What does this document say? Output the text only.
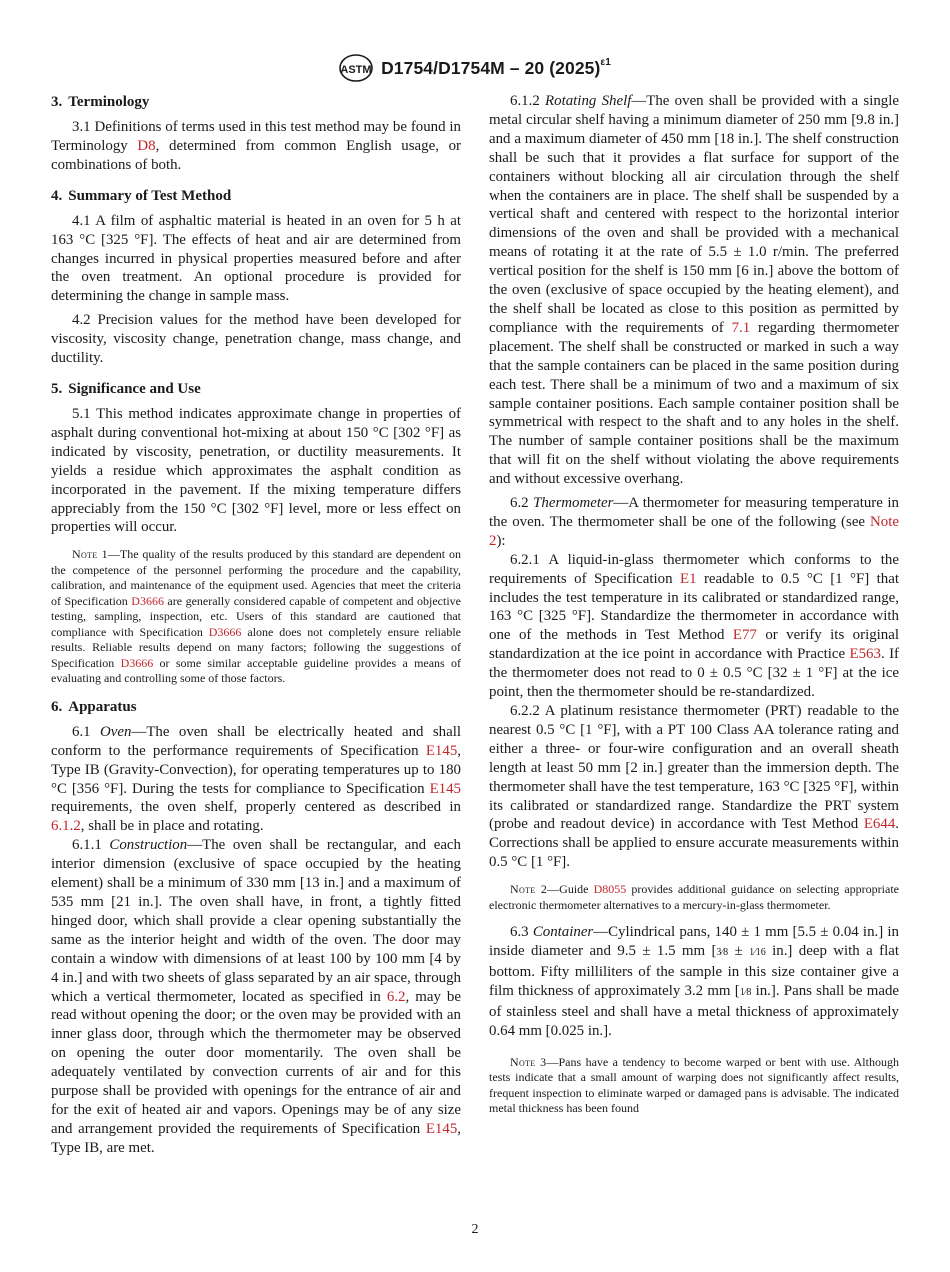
ASTM D1754/D1754M – 20 $(2025)^{\varepsilon 1}$
3. Terminology

3.1 Definitions of terms used in this test method may be found in Terminology D8, determined from common English usage, or combinations of both.

4. Summary of Test Method

4.1 A film of asphaltic material is heated in an oven for 5 h at 163 °C [325 °F]. The effects of heat and air are determined from changes incurred in physical properties measured before and after the oven treatment. An optional procedure is provided for determining the change in sample mass.

4.2 Precision values for the method have been developed for viscosity, viscosity change, penetration change, mass change, and ductility.

5. Significance and Use

5.1 This method indicates approximate change in properties of asphalt during conventional hot-mixing at about 150 °C [302 °F] as indicated by viscosity, penetration, or ductility measurements. It yields a residue which approximates the asphalt condition as incorporated in the pavement. If the mixing temperature differs appreciably from the 150 °C [302 °F] level, more or less effect on properties will occur.

Note 1—The quality of the results produced by this standard are dependent on the competence of the personnel performing the procedure and the capability, calibration, and maintenance of the equipment used. Agencies that meet the criteria of Specification D3666 are generally considered capable of competent and objective testing, sampling, inspection, etc. Users of this standard are cautioned that compliance with Specification D3666 alone does not completely ensure reliable results. Reliable results depend on many factors; following the suggestions of Specification D3666 or some similar acceptable guideline provides a means of evaluating and controlling some of those factors.
6. Apparatus

6.1 Oven—The oven shall be electrically heated and shall conform to the performance requirements of Specification E145, Type IB (Gravity-Convection), for operating temperatures up to 180 °C [356 °F]. During the tests for compliance to Specification E145 requirements, the oven shelf, properly centered as described in 6.1.2, shall be in place and rotating.

6.1.1 Construction—The oven shall be rectangular, and each interior dimension (exclusive of space occupied by the heating element) shall be a minimum of 330 mm [13 in.] and a maximum of 535 mm [21 in.]. The oven shall have, in front, a tightly fitted hinged door, which shall provide a clear opening substantially the same as the interior height and width of the oven. The door may contain a window with dimensions of at least 100 by 100 mm [4 by 4 in.] and with two sheets of glass separated by an air space, through which a vertical thermometer, located as specified in 6.2, may be read without opening the door; or the oven may be provided with an inner glass door, through which the thermometer may be observed on opening the outer door momentarily. The oven shall be adequately ventilated by convection currents of air and for this purpose shall be provided with openings for the entrance of air and for the exit of heated air and vapors. Openings may be of any size and arrangement provided the requirements of Specification E145, Type IB, are met.

6.1.2 Rotating Shelf—The oven shall be provided with a single metal circular shelf having a minimum diameter of 250 mm [9.8 in.] and a maximum diameter of 450 mm [18 in.]. The shelf construction shall be such that it provides a flat surface for support of the containers without blocking all air circulation through the shelf when the containers are in place. The shelf shall be suspended by a vertical shaft and centered with respect to the horizontal interior dimensions of the oven and shall be provided with a mechanical means of rotating it at the rate of 5.5 ± 1.0 r/min. The preferred vertical position for the shelf is 150 mm [6 in.] above the bottom of the oven (exclusive of space occupied by the heating element), and the shelf shall be located as close to this position as permitted by compliance with the requirements of 7.1 regarding thermometer placement. The shelf shall be constructed or marked in such a way that the sample containers can be placed in the same position during each test. There shall be a minimum of two and a maximum of six sample container positions. Each sample container position shall be symmetrical with respect to the shaft and to any holes in the shelf. The number of sample container positions shall be the maximum that will fit on the shelf without violating the above requirements and without excessive overhang.

6.2 Thermometer—A thermometer for measuring temperature in the oven. The thermometer shall be one of the following (see Note 2):

6.2.1 A liquid-in-glass thermometer which conforms to the requirements of Specification E1 readable to 0.5 °C [1 °F] that includes the test temperature in its calibrated or standardized range, 163 °C [325 °F]. Standardize the thermometer in accordance with one of the methods in Test Method E77 or verify its original standardization at the ice point in accordance with Practice E563. If the thermometer does not read to 0 ± 0.5 °C [32 ± 1 °F] at the ice point, then the thermometer should be re-standardized.

6.2.2 A platinum resistance thermometer (PRT) readable to the nearest 0.5 °C [1 °F], with a PT 100 Class AA tolerance rating and either a three- or four-wire configuration and an overall sheath length at least 50 mm [2 in.] greater than the immersion depth. The thermometer shall have the test temperature, 163 °C [325 °F], within its calibrated or standardized range. Standardize the PRT system (probe and readout device) in accordance with Test Method E644. Corrections shall be applied to ensure accurate measurements within 0.5 °C [1 °F].

Note 2—Guide D8055 provides additional guidance on selecting appropriate electronic thermometer alternatives to a mercury-in-glass thermometer.

6.3 Container—Cylindrical pans, 140 ± 1 mm [5.5 ± 0.04 in.] in inside diameter and 9.5 ± 1.5 mm [3⁄8 ± 1⁄16 in.] deep with a flat bottom. Fifty milliliters of the sample in this size container give a film thickness of approximately 3.2 mm [1⁄8 in.]. Pans shall be made of stainless steel and shall have a metal thickness of approximately 0.64 mm [0.025 in.].

Note 3—Pans have a tendency to become warped or bent with use. Although tests indicate that a small amount of warping does not significantly affect results, frequent inspection to eliminate warped or damaged pans is advisable. The indicated metal thickness has been found
2
